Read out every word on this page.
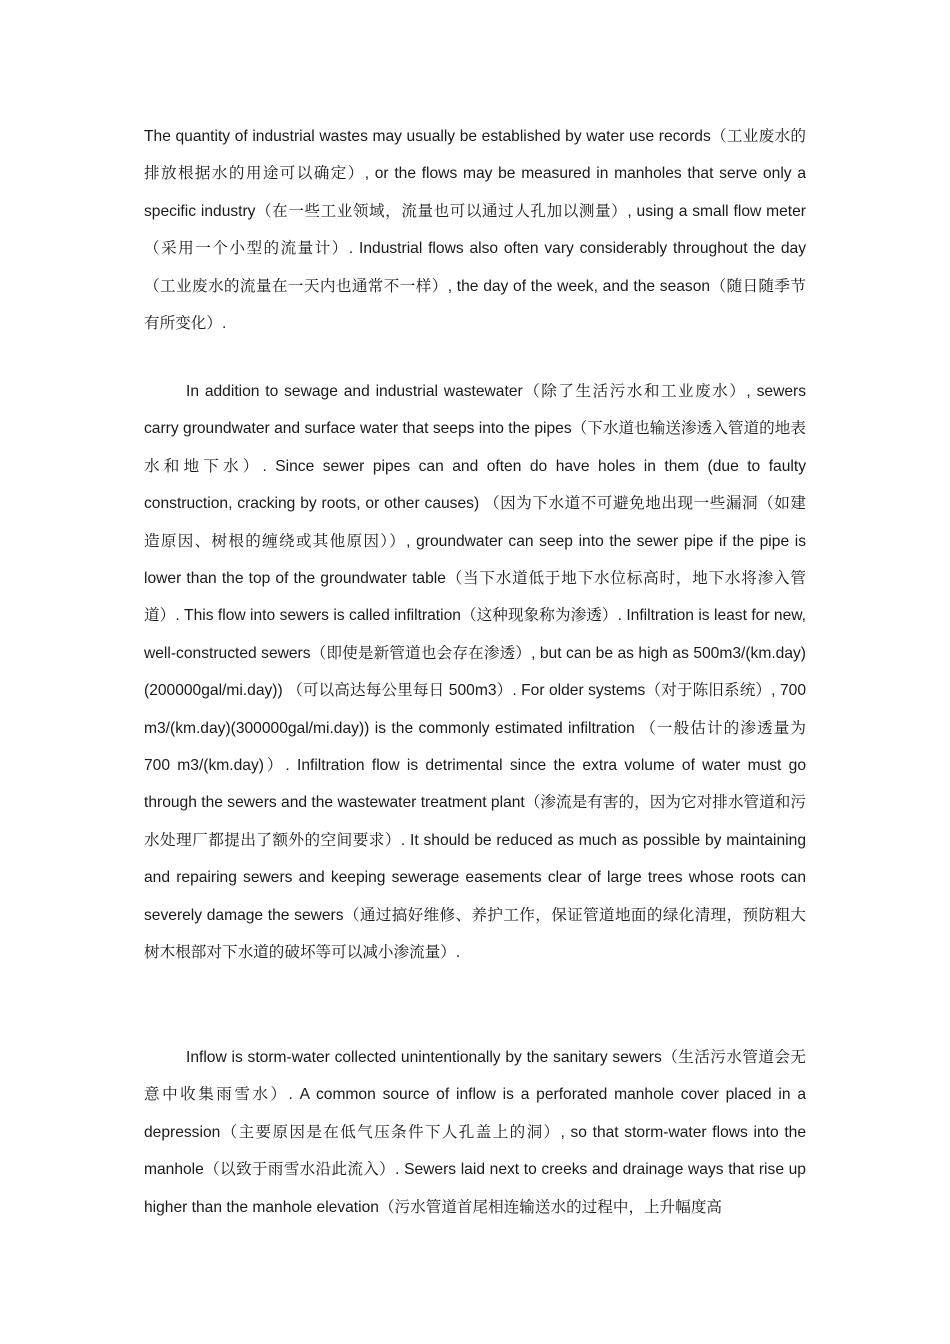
The quantity of industrial wastes may usually be established by water use records（工业废水的排放根据水的用途可以确定）, or the flows may be measured in manholes that serve only a specific industry（在一些工业领域，流量也可以通过人孔加以测量）, using a small flow meter（采用一个小型的流量计）. Industrial flows also often vary considerably throughout the day（工业废水的流量在一天内也通常不一样）, the day of the week, and the season（随日随季节有所变化）.

In addition to sewage and industrial wastewater（除了生活污水和工业废水）, sewers carry groundwater and surface water that seeps into the pipes（下水道也输送渗透入管道的地表水和地下水）. Since sewer pipes can and often do have holes in them (due to faulty construction, cracking by roots, or other causes) （因为下水道不可避免地出现一些漏洞（如建造原因、树根的缠绕或其他原因））, groundwater can seep into the sewer pipe if the pipe is lower than the top of the groundwater table（当下水道低于地下水位标高时，地下水将渗入管道）. This flow into sewers is called infiltration（这种现象称为渗透）. Infiltration is least for new, well-constructed sewers（即使是新管道也会存在渗透）, but can be as high as 500m3/(km.day)(200000gal/mi.day)) （可以高达每公里每日 500m3）. For older systems（对于陈旧系统）, 700 m3/(km.day)(300000gal/mi.day)) is the commonly estimated infiltration （一般估计的渗透量为 700 m3/(km.day)）. Infiltration flow is detrimental since the extra volume of water must go through the sewers and the wastewater treatment plant（渗流是有害的，因为它对排水管道和污水处理厂都提出了额外的空间要求）. It should be reduced as much as possible by maintaining and repairing sewers and keeping sewerage easements clear of large trees whose roots can severely damage the sewers（通过搞好维修、养护工作，保证管道地面的绿化清理，预防粗大树木根部对下水道的破坏等可以减小渗流量）.

Inflow is storm-water collected unintentionally by the sanitary sewers（生活污水管道会无意中收集雨雪水）. A common source of inflow is a perforated manhole cover placed in a depression（主要原因是在低气压条件下人孔盖上的洞）, so that storm-water flows into the manhole（以致于雨雪水沿此流入）. Sewers laid next to creeks and drainage ways that rise up higher than the manhole elevation（污水管道首尾相连输送水的过程中，上升幅度高
